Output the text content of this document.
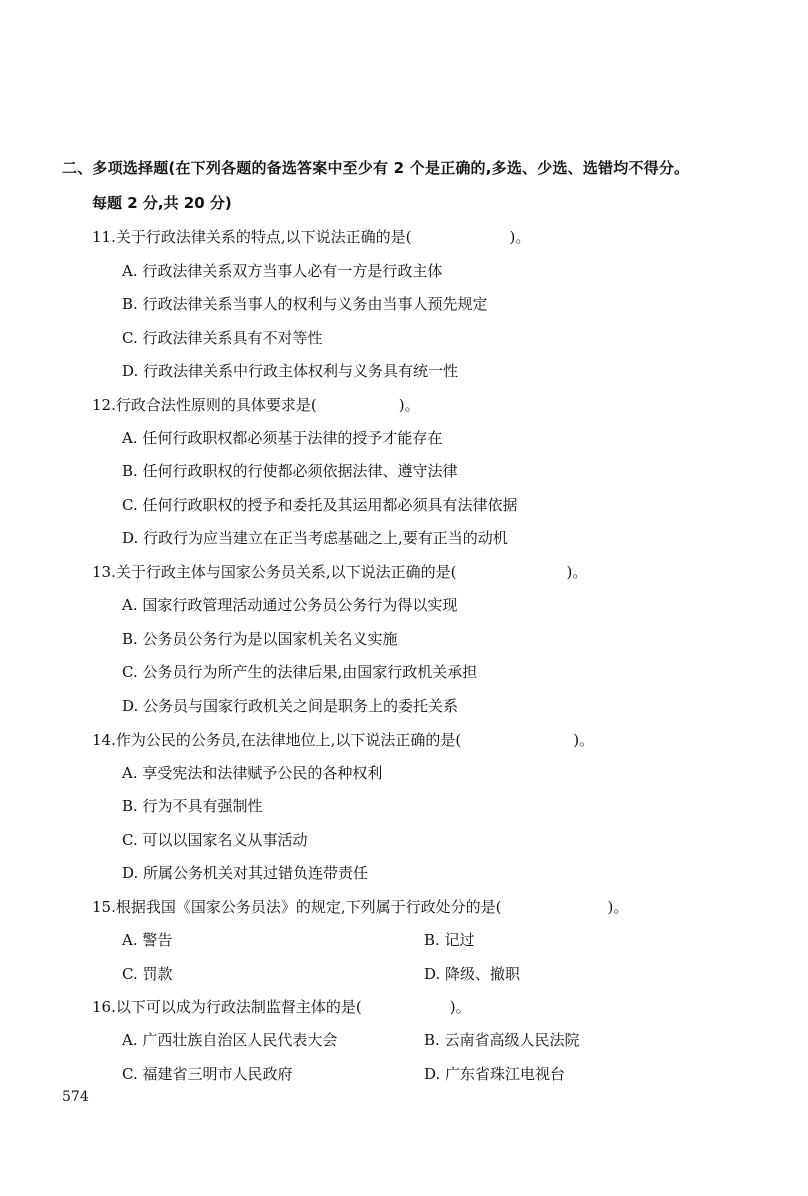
二、多项选择题(在下列各题的备选答案中至少有 2 个是正确的,多选、少选、选错均不得分。
每题 2 分,共 20 分)
11.关于行政法律关系的特点,以下说法正确的是(	)。
A. 行政法律关系双方当事人必有一方是行政主体
B. 行政法律关系当事人的权利与义务由当事人预先规定
C. 行政法律关系具有不对等性
D. 行政法律关系中行政主体权利与义务具有统一性
12.行政合法性原则的具体要求是(	)。
A. 任何行政职权都必须基于法律的授予才能存在
B. 任何行政职权的行使都必须依据法律、遵守法律
C. 任何行政职权的授予和委托及其运用都必须具有法律依据
D. 行政行为应当建立在正当考虑基础之上,要有正当的动机
13.关于行政主体与国家公务员关系,以下说法正确的是(	)。
A. 国家行政管理活动通过公务员公务行为得以实现
B. 公务员公务行为是以国家机关名义实施
C. 公务员行为所产生的法律后果,由国家行政机关承担
D. 公务员与国家行政机关之间是职务上的委托关系
14.作为公民的公务员,在法律地位上,以下说法正确的是(	)。
A. 享受宪法和法律赋予公民的各种权利
B. 行为不具有强制性
C. 可以以国家名义从事活动
D. 所属公务机关对其过错负连带责任
15.根据我国《国家公务员法》的规定,下列属于行政处分的是(	)。
A. 警告	B. 记过
C. 罚款	D. 降级、撤职
16.以下可以成为行政法制监督主体的是(	)。
A. 广西壮族自治区人民代表大会	B. 云南省高级人民法院
C. 福建省三明市人民政府	D. 广东省珠江电视台
574
